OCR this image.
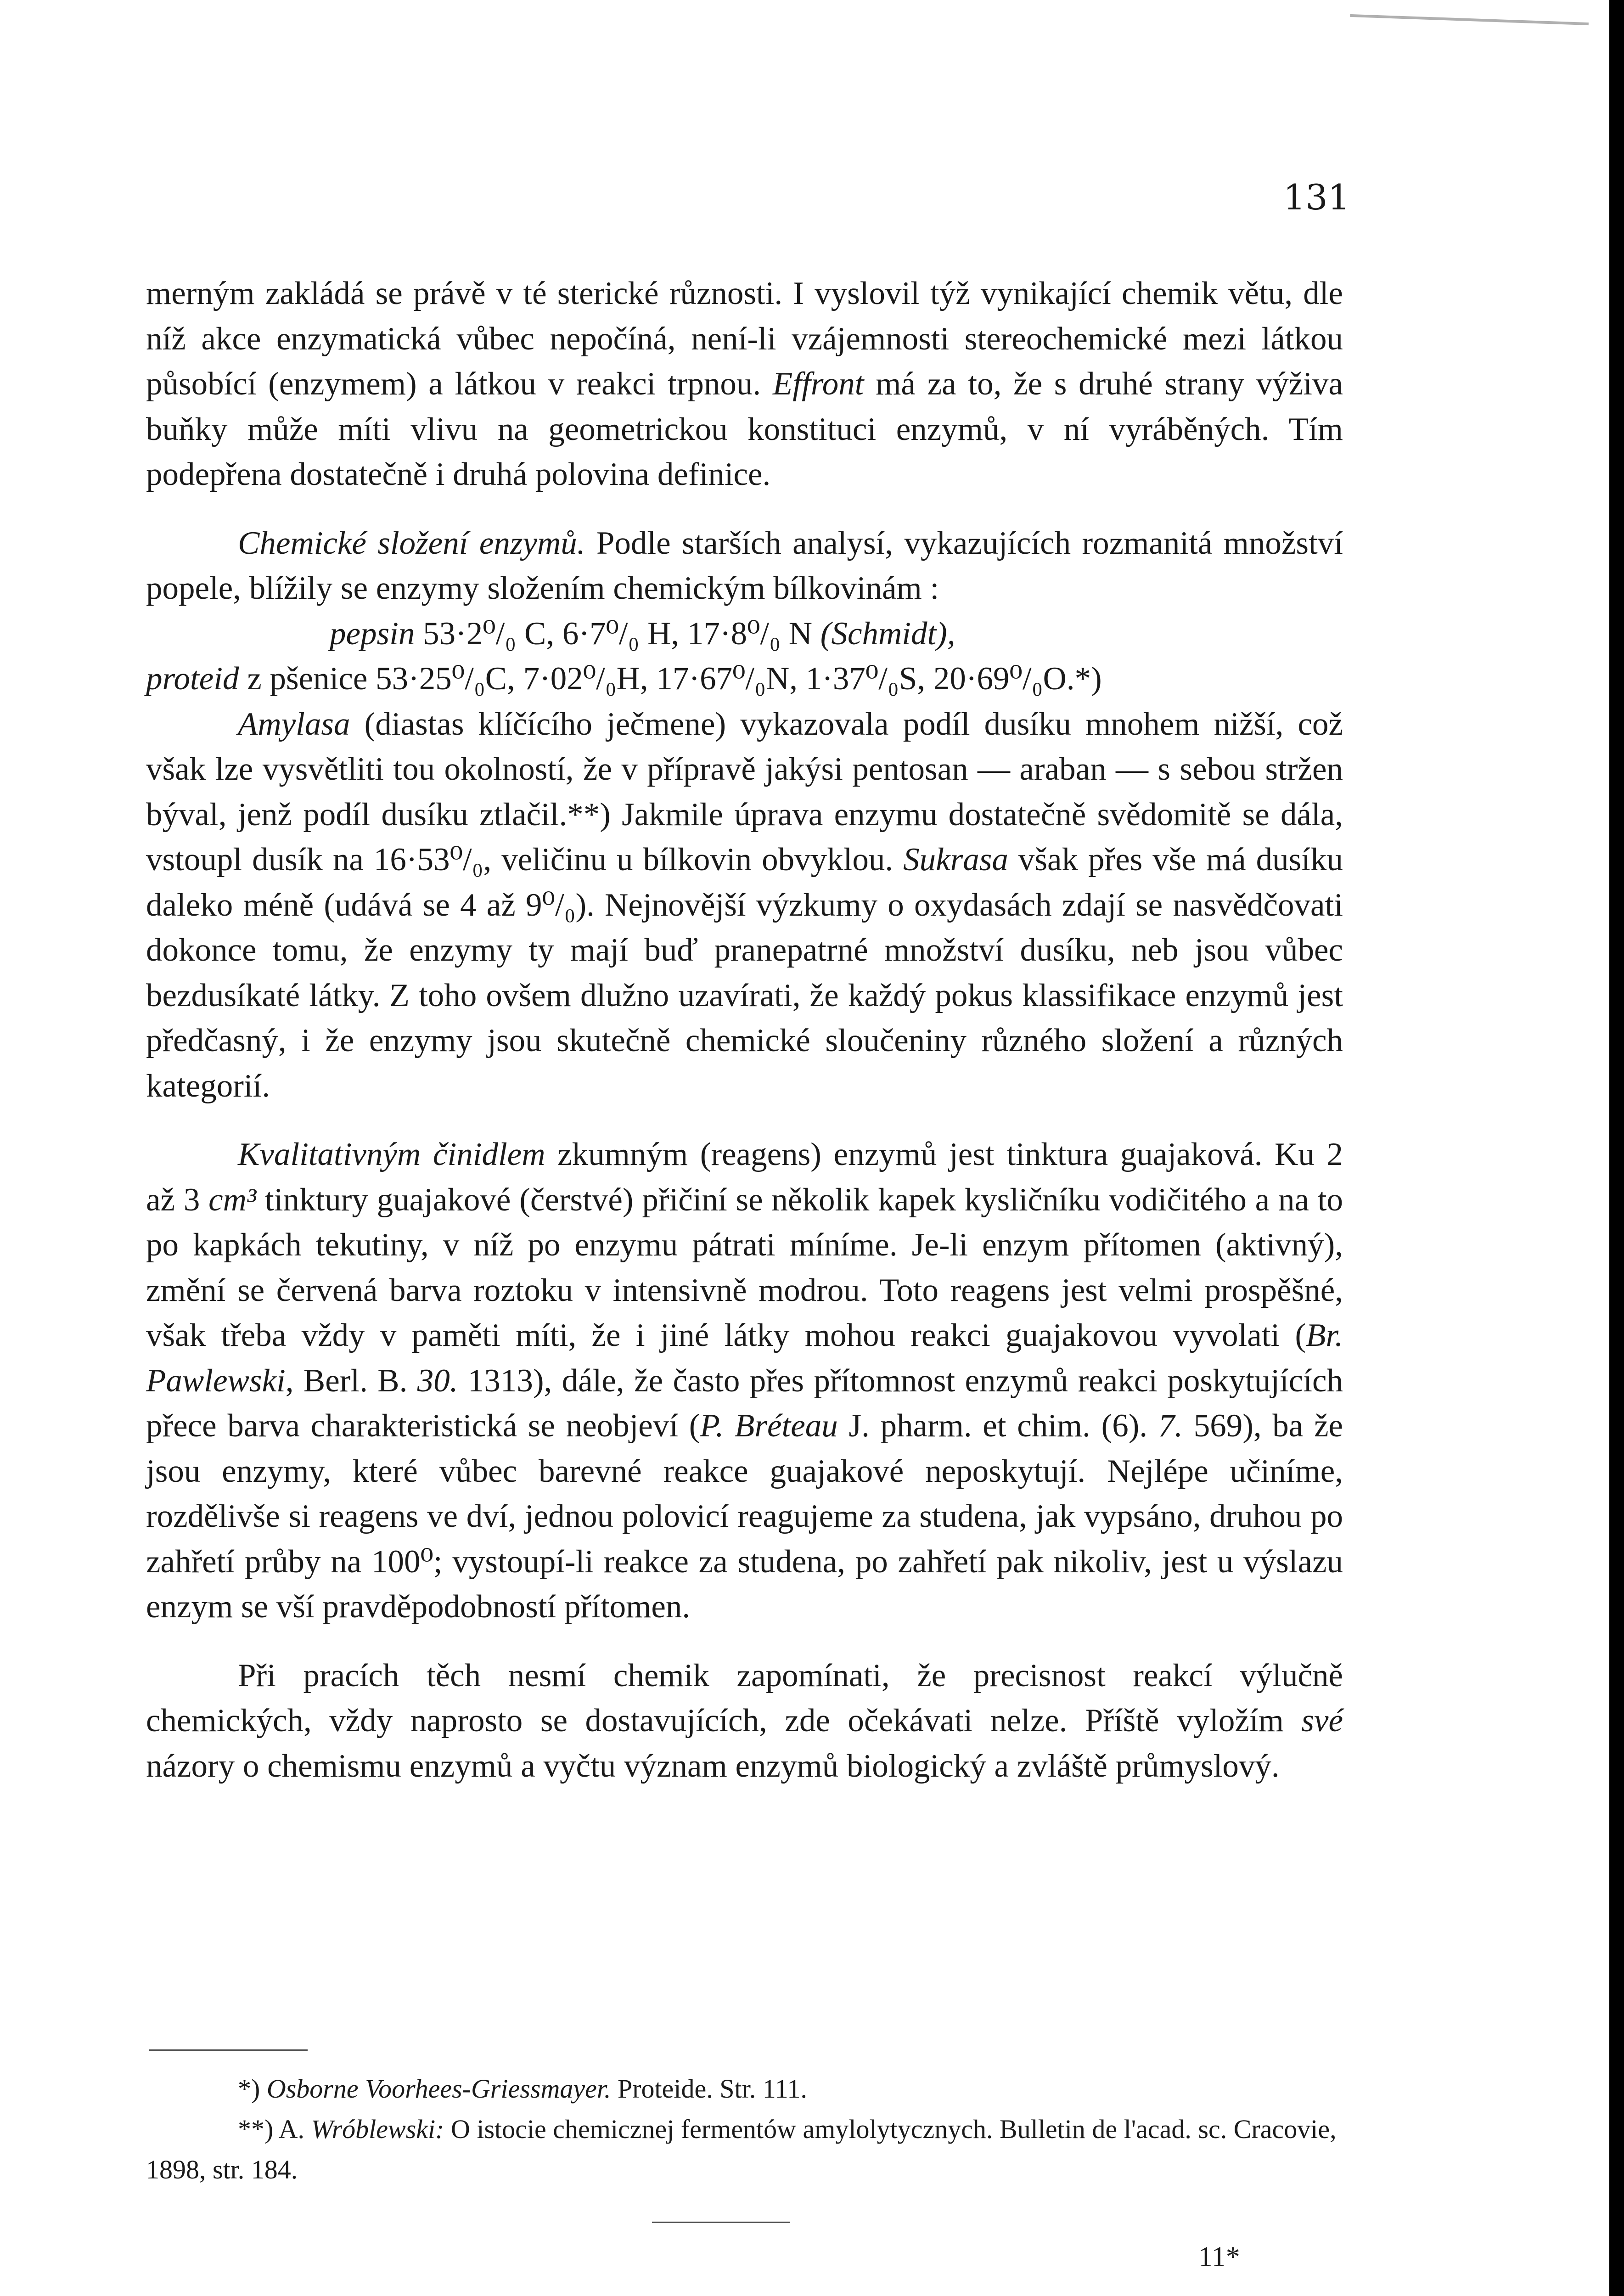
131

merným zakládá se právě v té sterické různosti. I vyslovil týž vynikající chemik větu, dle níž akce enzymatická vůbec nepočíná, není-li vzájemnosti stereochemické mezi látkou působící (enzymem) a látkou v reakci trpnou. Effront má za to, že s druhé strany výživa buňky může míti vlivu na geometrickou konstituci enzymů, v ní vyráběných. Tím podepřena dostatečně i druhá polovina definice.

Chemické složení enzymů. Podle starších analysí, vykazujících rozmanitá množství popele, blížily se enzymy složením chemickým bílkovinám :

pepsin 53·2⁰/₀ C, 6·7⁰/₀ H, 17·8⁰/₀ N (Schmidt),

proteid z pšenice 53·25⁰/₀C, 7·02⁰/₀H, 17·67⁰/₀N, 1·37⁰/₀S, 20·69⁰/₀O.*)

Amylasa (diastas klíčícího ječmene) vykazovala podíl dusíku mnohem nižší, což však lze vysvětliti tou okolností, že v přípravě jakýsi pentosan — araban — s sebou stržen býval, jenž podíl dusíku ztlačil.**) Jakmile úprava enzymu dostatečně svědomitě se dála, vstoupl dusík na 16·53⁰/₀, veličinu u bílkovin obvyklou. Sukrasa však přes vše má dusíku daleko méně (udává se 4 až 9⁰/₀). Nejnovější výzkumy o oxydasách zdají se nasvědčovati dokonce tomu, že enzymy ty mají buď pranepatrné množství dusíku, neb jsou vůbec bezdusíkaté látky. Z toho ovšem dlužno uzavírati, že každý pokus klassifikace enzymů jest předčasný, i že enzymy jsou skutečně chemické sloučeniny různého složení a různých kategorií.

Kvalitativným činidlem zkumným (reagens) enzymů jest tinktura guajaková. Ku 2 až 3 cm³ tinktury guajakové (čerstvé) přičiní se několik kapek kysličníku vodičitého a na to po kapkách tekutiny, v níž po enzymu pátrati míníme. Je-li enzym přítomen (aktivný), změní se červená barva roztoku v intensivně modrou. Toto reagens jest velmi prospěšné, však třeba vždy v paměti míti, že i jiné látky mohou reakci guajakovou vyvolati (Br. Pawlewski, Berl. B. 30. 1313), dále, že často přes přítomnost enzymů reakci poskytujících přece barva charakteristická se neobjeví (P. Bréteau J. pharm. et chim. (6). 7. 569), ba že jsou enzymy, které vůbec barevné reakce guajakové neposkytují. Nejlépe učiníme, rozdělivše si reagens ve dví, jednou polovicí reagujeme za studena, jak vypsáno, druhou po zahřetí průby na 100⁰; vystoupí-li reakce za studena, po zahřetí pak nikoliv, jest u výslazu enzym se vší pravděpodobností přítomen.

Při pracích těch nesmí chemik zapomínati, že precisnost reakcí výlučně chemických, vždy naprosto se dostavujících, zde očekávati nelze. Příště vyložím své názory o chemismu enzymů a vyčtu význam enzymů biologický a zvláště průmyslový.

*) Osborne Voorhees-Griessmayer. Proteide. Str. 111.

**) A. Wróblewski: O istocie chemicznej fermentów amylolytycznych. Bulletin de l'acad. sc. Cracovie, 1898, str. 184.

11*
